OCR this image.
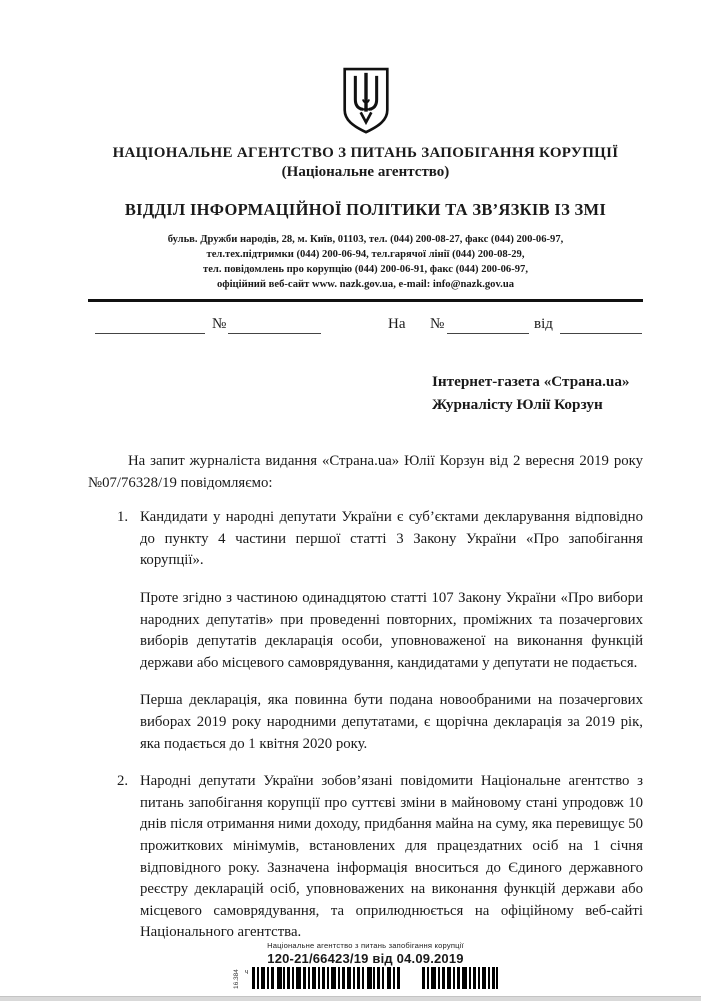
НАЦІОНАЛЬНЕ АГЕНТСТВО З ПИТАНЬ ЗАПОБІГАННЯ КОРУПЦІЇ
(Національне агентство)
ВІДДІЛ ІНФОРМАЦІЙНОЇ ПОЛІТИКИ ТА ЗВ’ЯЗКІВ ІЗ ЗМІ
бульв. Дружби народів, 28, м. Київ, 01103, тел. (044) 200-08-27, факс (044) 200-06-97,
тел.тех.підтримки (044) 200-06-94, тел.гарячої лінії (044) 200-08-29,
тел. повідомлень про корупцію (044) 200-06-91, факс (044) 200-06-97,
офіційний веб-сайт www. nazk.gov.ua, e-mail: info@nazk.gov.ua
№	На №	від
Інтернет-газета «Страна.ua»
Журналісту Юлії Корзун

На запит журналіста видання «Страна.ua» Юлії Корзун від 2 вересня 2019 року №07/76328/19 повідомляємо:

1. Кандидати у народні депутати України є суб’єктами декларування відповідно до пункту 4 частини першої статті 3 Закону України «Про запобігання корупції».

Проте згідно з частиною одинадцятою статті 107 Закону України «Про вибори народних депутатів» при проведенні повторних, проміжних та позачергових виборів депутатів декларація особи, уповноваженої на виконання функцій держави або місцевого самоврядування, кандидатами у депутати не подається.

Перша декларація, яка повинна бути подана новообраними на позачергових виборах 2019 року народними депутатами, є щорічна декларація за 2019 рік, яка подається до 1 квітня 2020 року.

2. Народні депутати України зобов’язані повідомити Національне агентство з питань запобігання корупції про суттєві зміни в майновому стані упродовж 10 днів після отримання ними доходу, придбання майна на суму, яка перевищує 50 прожиткових мінімумів, встановлених для працездатних осіб на 1 січня відповідного року. Зазначена інформація вноситься до Єдиного державного реєстру декларацій осіб, уповноважених на виконання функцій держави або місцевого самоврядування, та оприлюднюється на офіційному веб-сайті Національного агентства.

Національне агентство з питань запобігання корупції
120-21/66423/19 від 04.09.2019
16.384 ч
